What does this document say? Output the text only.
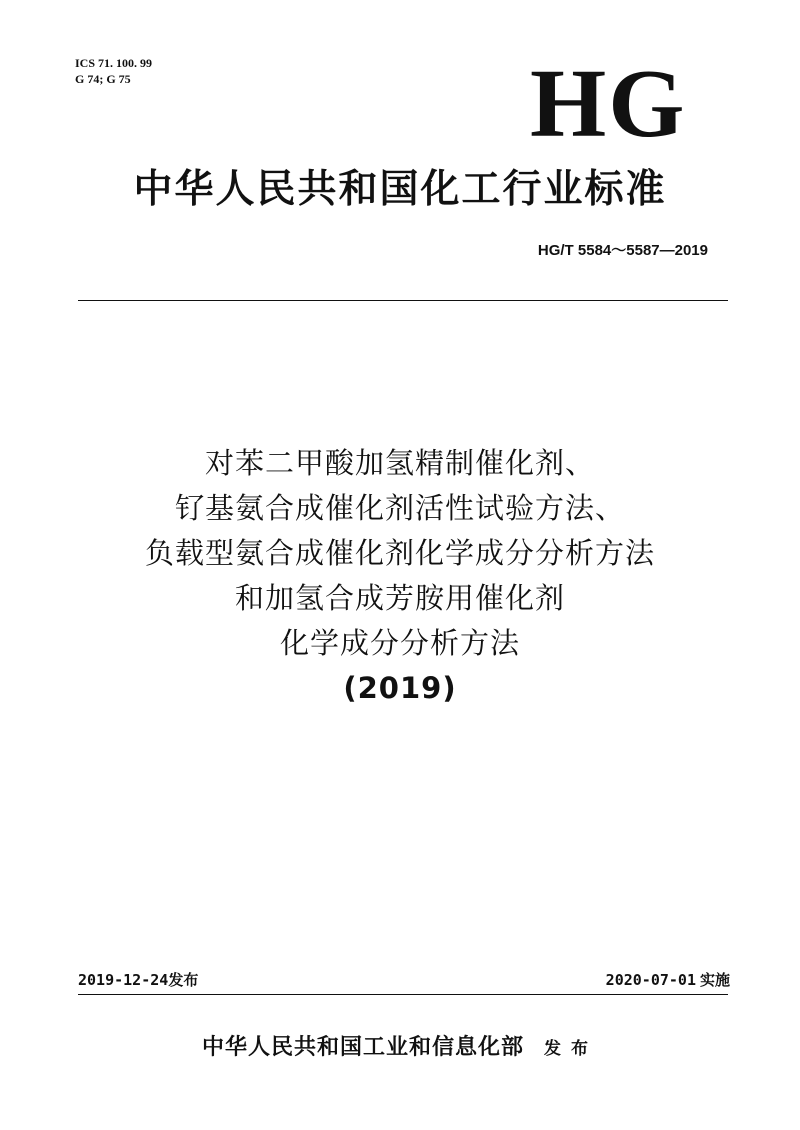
ICS 71. 100. 99
G 74; G 75	HG
中华人民共和国化工行业标准
HG/T 5584～5587—2019
对苯二甲酸加氢精制催化剂、
钌基氨合成催化剂活性试验方法、
负载型氨合成催化剂化学成分分析方法
和加氢合成芳胺用催化剂
化学成分分析方法
(2019)
2019-12-24发布	2020-07-01 实施
中华人民共和国工业和信息化部 发布
